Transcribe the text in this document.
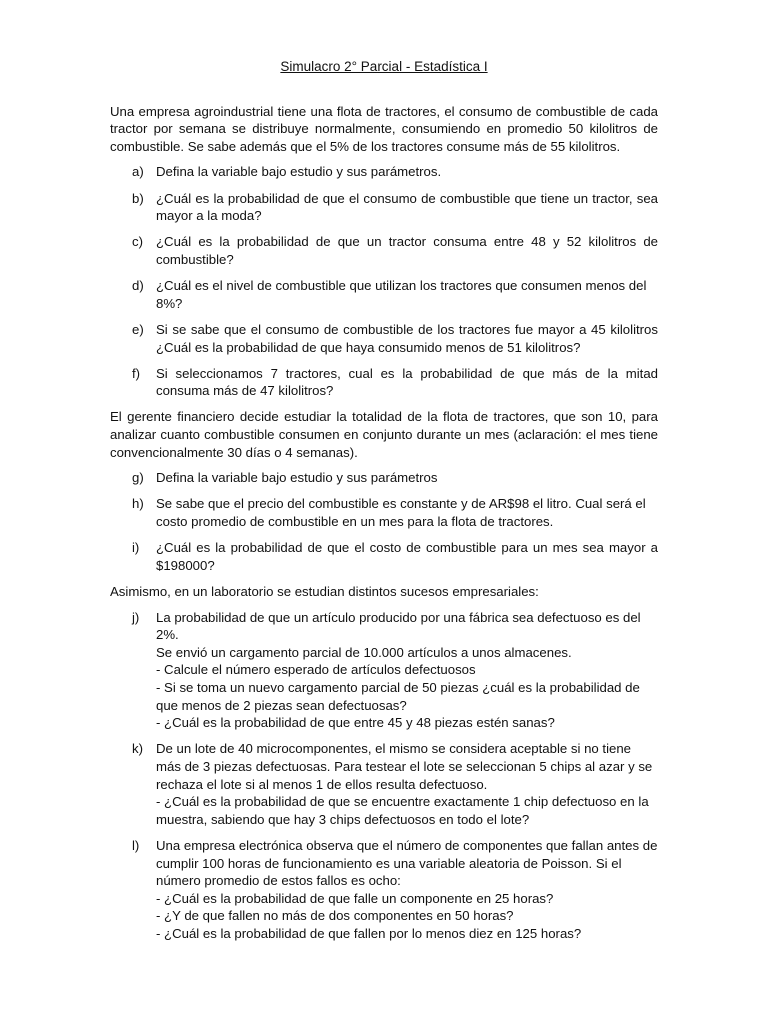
Simulacro 2° Parcial - Estadística I

Una empresa agroindustrial tiene una flota de tractores, el consumo de combustible de cada tractor por semana se distribuye normalmente, consumiendo en promedio 50 kilolitros de combustible. Se sabe además que el 5% de los tractores consume más de 55 kilolitros.

a) Defina la variable bajo estudio y sus parámetros.
b) ¿Cuál es la probabilidad de que el consumo de combustible que tiene un tractor, sea mayor a la moda?
c) ¿Cuál es la probabilidad de que un tractor consuma entre 48 y 52 kilolitros de combustible?
d) ¿Cuál es el nivel de combustible que utilizan los tractores que consumen menos del 8%?
e) Si se sabe que el consumo de combustible de los tractores fue mayor a 45 kilolitros ¿Cuál es la probabilidad de que haya consumido menos de 51 kilolitros?
f)	Si seleccionamos 7 tractores, cual es la probabilidad de que más de la mitad consuma más de 47 kilolitros?

El gerente financiero decide estudiar la totalidad de la flota de tractores, que son 10, para analizar cuanto combustible consumen en conjunto durante un mes (aclaración: el mes tiene convencionalmente 30 días o 4 semanas).

g) Defina la variable bajo estudio y sus parámetros
h) Se sabe que el precio del combustible es constante y de AR$98 el litro. Cual será el costo promedio de combustible en un mes para la flota de tractores.
i)	¿Cuál es la probabilidad de que el costo de combustible para un mes sea mayor a $198000?

Asimismo, en un laboratorio se estudian distintos sucesos empresariales:

j)	La probabilidad de que un artículo producido por una fábrica sea defectuoso es del 2%.
Se envió un cargamento parcial de 10.000 artículos a unos almacenes.
- Calcule el número esperado de artículos defectuosos
- Si se toma un nuevo cargamento parcial de 50 piezas ¿cuál es la probabilidad de que menos de 2 piezas sean defectuosas?
- ¿Cuál es la probabilidad de que entre 45 y 48 piezas estén sanas?
k) De un lote de 40 microcomponentes, el mismo se considera aceptable si no tiene más de 3 piezas defectuosas. Para testear el lote se seleccionan 5 chips al azar y se rechaza el lote si al menos 1 de ellos resulta defectuoso.
- ¿Cuál es la probabilidad de que se encuentre exactamente 1 chip defectuoso en la muestra, sabiendo que hay 3 chips defectuosos en todo el lote?
l)	Una empresa electrónica observa que el número de componentes que fallan antes de cumplir 100 horas de funcionamiento es una variable aleatoria de Poisson. Si el número promedio de estos fallos es ocho:
- ¿Cuál es la probabilidad de que falle un componente en 25 horas?
- ¿Y de que fallen no más de dos componentes en 50 horas?
- ¿Cuál es la probabilidad de que fallen por lo menos diez en 125 horas?
